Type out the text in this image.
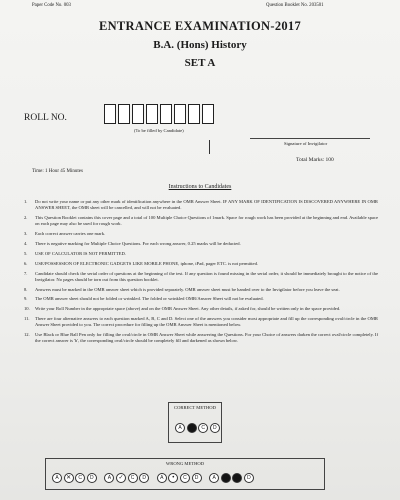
Paper Code No. 003	Question Booklet No. 203501
ENTRANCE EXAMINATION-2017
B.A. (Hons) History
SET A
ROLL NO.
(To be filled by Candidate)
Signature of Invigilator
Total Marks: 100
Time: 1 Hour 45 Minutes
Instructions to Candidates
1.	Do not write your name or put any other mark of identification anywhere in the OMR Answer Sheet. IF ANY MARK OF IDENTIFICATION IS DISCOVERED ANYWHERE IN OMR ANSWER SHEET, the OMR sheet will be cancelled, and will not be evaluated.
2.	This Question Booklet contains this cover page and a total of 100 Multiple Choice Questions of 1mark. Space for rough work has been provided at the beginning and end. Available space on each page may also be used for rough work.
3.	Each correct answer carries one mark.
4.	There is negative marking for Multiple Choice Questions. For each wrong answer, 0.25 marks will be deducted.
5.	USE OF CALCULATOR IS NOT PERMITTED.
6.	USE/POSSESSION OF ELECTRONIC GADGETS LIKE MOBILE PHONE, iphone, iPad, pager ETC. is not permitted.
7.	Candidate should check the serial order of questions at the beginning of the test. If any question is found missing in the serial order, it should be immediately brought to the notice of the Invigilator. No pages should be torn out from this question booklet.
8.	Answers must be marked in the OMR answer sheet which is provided separately. OMR answer sheet must be handed over to the Invigilator before you leave the seat.
9.	The OMR answer sheet should not be folded or wrinkled. The folded or wrinkled OMR/Answer Sheet will not be evaluated.
10.	Write your Roll Number in the appropriate space (above) and on the OMR Answer Sheet. Any other details, if asked for, should be written only in the space provided.
11.	There are four alternative answers to each question marked A, B, C and D. Select one of the answers you consider most appropriate and fill up the corresponding oval/circle in the OMR Answer Sheet provided to you. The correct procedure for filling up the OMR Answer Sheet is mentioned below.
12.	Use Black or Blue Ball Pen only for filling the oval/circle in OMR Answer Sheet while answering the Questions. For your Choice of answers darken the correct oval/circle completely. If the correct answer is 'b', the corresponding oval/circle should be completely fill and darkened as shown below.
CORRECT METHOD
A	B	C	D
WRONG METHOD
A	✕	C	D	A	✓	C	D	A	•	C	D	A	B	C	D
